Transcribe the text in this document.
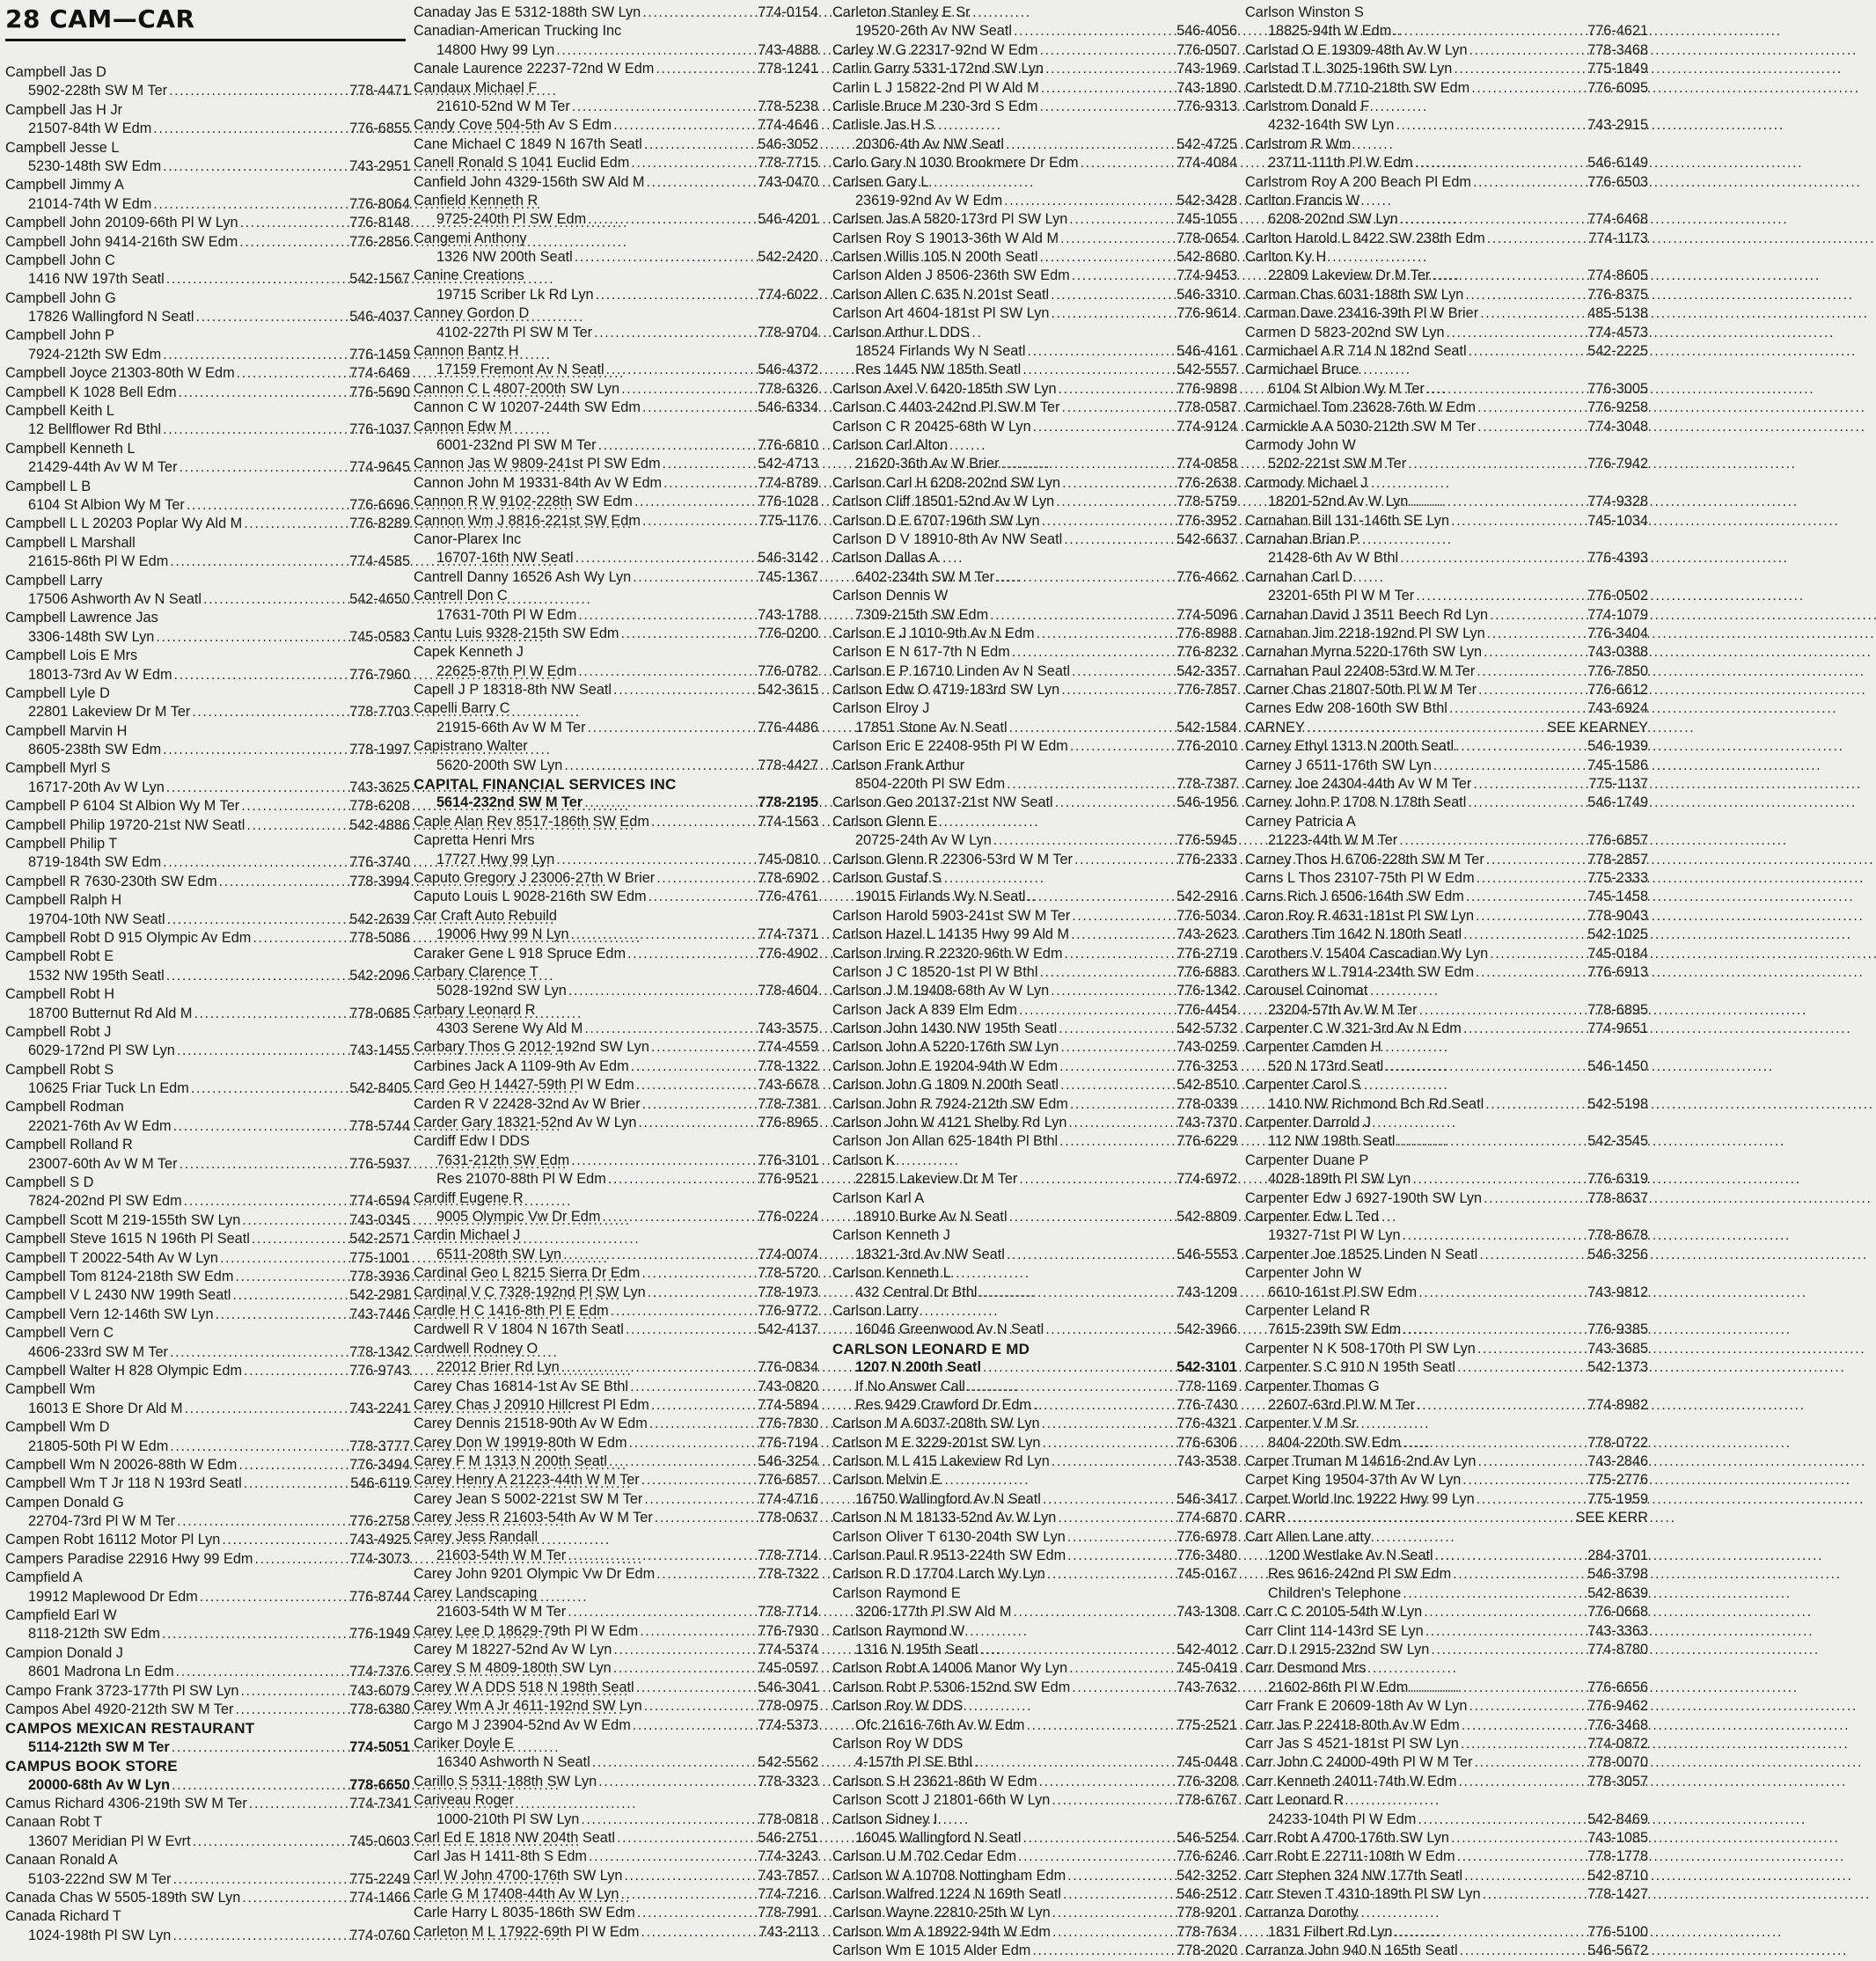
28 CAM—CAR
Campbell Jas D
5902-228th SW M Ter . . .	778-4471
Campbell Jas H Jr
21507-84th W Edm . . .	776-6855
Campbell Jesse L
5230-148th SW Edm . . .	743-2951
Campbell Jimmy A
21014-74th W Edm . . .	776-8064
Campbell John 20109-66th Pl W Lyn . . .	776-8148
Campbell John 9414-216th SW Edm . . .	776-2856
Campbell John C
1416 NW 197th Seatl . . .	542-1567
Campbell John G
17826 Wallingford N Seatl . . .	546-4037
Campbell John P
7924-212th SW Edm . . .	776-1459
Campbell Joyce 21303-80th W Edm . . .	774-6469
Campbell K 1028 Bell Edm . . .	776-5690
Campbell Keith L
12 Bellflower Rd Bthl . . .	776-1037
Campbell Kenneth L
21429-44th Av W M Ter . . .	774-9645
Campbell L B
6104 St Albion Wy M Ter . . .	776-6696
Campbell L L 20203 Poplar Wy Ald M . . .	776-8289
Campbell L Marshall
21615-86th Pl W Edm . . .	774-4585
Campbell Larry
17506 Ashworth Av N Seatl . . .	542-4650
Campbell Lawrence Jas
3306-148th SW Lyn . . .	745-0583
Campbell Lois E Mrs
18013-73rd Av W Edm . . .	776-7960
Campbell Lyle D
22801 Lakeview Dr M Ter . . .	778-7703
Campbell Marvin H
8605-238th SW Edm . . .	778-1997
Campbell Myrl S
16717-20th Av W Lyn . . .	743-3625
Campbell P 6104 St Albion Wy M Ter . . .	778-6208
Campbell Philip 19720-21st NW Seatl . . .	542-4886
Campbell Philip T
8719-184th SW Edm . . .	776-3740
Campbell R 7630-230th SW Edm . . .	778-3994
Campbell Ralph H
19704-10th NW Seatl . . .	542-2639
Campbell Robt D 915 Olympic Av Edm . . .	778-5086
Campbell Robt E
1532 NW 195th Seatl . . .	542-2096
Campbell Robt H
18700 Butternut Rd Ald M . . .	778-0685
Campbell Robt J
6029-172nd Pl SW Lyn . . .	743-1455
Campbell Robt S
10625 Friar Tuck Ln Edm . . .	542-8405
Campbell Rodman
22021-76th Av W Edm . . .	778-5744
Campbell Rolland R
23007-60th Av W M Ter . . .	776-5937
Campbell S D
7824-202nd Pl SW Edm . . .	774-6594
Campbell Scott M 219-155th SW Lyn . . .	743-0345
Campbell Steve 1615 N 196th Pl Seatl . . .	542-2571
Campbell T 20022-54th Av W Lyn . . .	775-1001
Campbell Tom 8124-218th SW Edm . . .	778-3936
Campbell V L 2430 NW 199th Seatl . . .	542-2981
Campbell Vern 12-146th SW Lyn . . .	743-7446
Campbell Vern C
4606-233rd SW M Ter . . .	778-1342
Campbell Walter H 828 Olympic Edm . . .	776-9743
Campbell Wm
16013 E Shore Dr Ald M . . .	743-2241
Campbell Wm D
21805-50th Pl W Edm . . .	778-3777
Campbell Wm N 20026-88th W Edm . . .	776-3494
Campbell Wm T Jr 118 N 193rd Seatl . . .	546-6119
Campen Donald G
22704-73rd Pl W M Ter . . .	776-2758
Campen Robt 16112 Motor Pl Lyn . . .	743-4925
Campers Paradise 22916 Hwy 99 Edm . . .	774-3073
Campfield A
19912 Maplewood Dr Edm . . .	776-8744
Campfield Earl W
8118-212th SW Edm . . .	776-1949
Campion Donald J
8601 Madrona Ln Edm . . .	774-7376
Campo Frank 3723-177th Pl SW Lyn . . .	743-6079
Campos Abel 4920-212th SW M Ter . . .	778-6380
CAMPOS MEXICAN RESTAURANT
5114-212th SW M Ter . . .	774-5051
CAMPUS BOOK STORE
20000-68th Av W Lyn . . .	778-6650
Camus Richard 4306-219th SW M Ter . . .	774-7341
Canaan Robt T
13607 Meridian Pl W Evrt . . .	745-0603
Canaan Ronald A
5103-222nd SW M Ter . . .	775-2249
Canada Chas W 5505-189th SW Lyn . . .	774-1466
Canada Richard T
1024-198th Pl SW Lyn . . .	774-0760
Canaday Jas E 5312-188th SW Lyn . . .	774-0154
Canadian-American Trucking Inc
14800 Hwy 99 Lyn . . .	743-4888
Canale Laurence 22237-72nd W Edm . . .	778-1241
Candaux Michael F
21610-52nd W M Ter . . .	778-5238
Candy Cove 504-5th Av S Edm . . .	774-4646
Cane Michael C 1849 N 167th Seatl . . .	546-3052
Canell Ronald S 1041 Euclid Edm . . .	778-7715
Canfield John 4329-156th SW Ald M . . .	743-0470
Canfield Kenneth R
9725-240th Pl SW Edm . . .	546-4201
Cangemi Anthony
1326 NW 200th Seatl . . .	542-2420
Canine Creations
19715 Scriber Lk Rd Lyn . . .	774-6022
Canney Gordon D
4102-227th Pl SW M Ter . . .	778-9704
Cannon Bantz H
17159 Fremont Av N Seatl . . .	546-4372
Cannon C L 4807-200th SW Lyn . . .	778-6326
Cannon C W 10207-244th SW Edm . . .	546-6334
Cannon Edw M
6001-232nd Pl SW M Ter . . .	776-6810
Cannon Jas W 9809-241st Pl SW Edm . . .	542-4713
Cannon John M 19331-84th Av W Edm . . .	774-8789
Cannon R W 9102-228th SW Edm . . .	776-1028
Cannon Wm J 8816-221st SW Edm . . .	775-1176
Canor-Plarex Inc
16707-16th NW Seatl . . .	546-3142
Cantrell Danny 16526 Ash Wy Lyn . . .	745-1367
Cantrell Don C
17631-70th Pl W Edm . . .	743-1788
Cantu Luis 9328-215th SW Edm . . .	776-0200
Capek Kenneth J
22625-87th Pl W Edm . . .	776-0782
Capell J P 18318-8th NW Seatl . . .	542-3615
Capelli Barry C
21915-66th Av W M Ter . . .	776-4486
Capistrano Walter
5620-200th SW Lyn . . .	778-4427
CAPITAL FINANCIAL SERVICES INC
5614-232nd SW M Ter . . .	778-2195
Caple Alan Rev 8517-186th SW Edm . . .	774-1563
Capretta Henri Mrs
17727 Hwy 99 Lyn . . .	745-0810
Caputo Gregory J 23006-27th W Brier . . .	778-6902
Caputo Louis L 9028-216th SW Edm . . .	776-4761
Car Craft Auto Rebuild
19006 Hwy 99 N Lyn . . .	774-7371
Caraker Gene L 918 Spruce Edm . . .	776-4902
Carbary Clarence T
5028-192nd SW Lyn . . .	778-4604
Carbary Leonard R
4303 Serene Wy Ald M . . .	743-3575
Carbary Thos G 2012-192nd SW Lyn . . .	774-4559
Carbines Jack A 1109-9th Av Edm . . .	778-1322
Card Geo H 14427-59th Pl W Edm . . .	743-6678
Carden R V 22428-32nd Av W Brier . . .	778-7381
Carder Gary 18321-52nd Av W Lyn . . .	776-8965
Cardiff Edw I DDS
7631-212th SW Edm . . .	776-3101
Res 21070-88th Pl W Edm . . .	776-9521
Cardiff Eugene R
9005 Olympic Vw Dr Edm . . .	776-0224
Cardin Michael J
6511-208th SW Lyn . . .	774-0074
Cardinal Geo L 8215 Sierra Dr Edm . . .	778-5720
Cardinal V C 7328-192nd Pl SW Lyn . . .	778-1973
Cardle H C 1416-8th Pl E Edm . . .	776-9772
Cardwell R V 1804 N 167th Seatl . . .	542-4137
Cardwell Rodney O
22012 Brier Rd Lyn . . .	776-0834
Carey Chas 16814-1st Av SE Bthl . . .	743-0820
Carey Chas J 20910 Hillcrest Pl Edm . . .	774-5894
Carey Dennis 21518-90th Av W Edm . . .	776-7830
Carey Don W 19919-80th W Edm . . .	776-7194
Carey F M 1313 N 200th Seatl . . .	546-3254
Carey Henry A 21223-44th W M Ter . . .	776-6857
Carey Jean S 5002-221st SW M Ter . . .	774-4716
Carey Jess R 21603-54th Av W M Ter . . .	778-0637
Carey Jess Randall
21603-54th W M Ter . . .	778-7714
Carey John 9201 Olympic Vw Dr Edm . . .	778-7322
Carey Landscaping
21603-54th W M Ter . . .	778-7714
Carey Lee D 18629-79th Pl W Edm . . .	776-7930
Carey M 18227-52nd Av W Lyn . . .	774-5374
Carey S M 4809-180th SW Lyn . . .	745-0597
Carey W A DDS 518 N 198th Seatl . . .	546-3041
Carey Wm A Jr 4611-192nd SW Lyn . . .	778-0975
Cargo M J 23904-52nd Av W Edm . . .	774-5373
Cariker Doyle E
16340 Ashworth N Seatl . . .	542-5562
Carillo S 5311-188th SW Lyn . . .	778-3323
Cariveau Roger
1000-210th Pl SW Lyn . . .	778-0818
Carl Ed E 1818 NW 204th Seatl . . .	546-2751
Carl Jas H 1411-8th S Edm . . .	774-3243
Carl W John 4700-176th SW Lyn . . .	743-7857
Carle G M 17408-44th Av W Lyn . . .	774-7216
Carle Harry L 8035-186th SW Edm . . .	778-7991
Carleton M L 17922-69th Pl W Edm . . .	743-2113
Carleton Stanley E Sr
19520-26th Av NW Seatl . . .	546-4056
Carley W G 22317-92nd W Edm . . .	776-0507
Carlin Garry 5331-172nd SW Lyn . . .	743-1969
Carlin L J 15822-2nd Pl W Ald M . . .	743-1890
Carlisle Bruce M 230-3rd S Edm . . .	776-9313
Carlisle Jas H S
20306-4th Av NW Seatl . . .	542-4725
Carlo Gary N 1030 Brookmere Dr Edm . . .	774-4084
Carlsen Gary L
23619-92nd Av W Edm . . .	542-3428
Carlsen Jas A 5820-173rd Pl SW Lyn . . .	745-1055
Carlsen Roy S 19013-36th W Ald M . . .	778-0654
Carlsen Willis 105 N 200th Seatl . . .	542-8680
Carlson Alden J 8506-236th SW Edm . . .	774-9453
Carlson Allen C 635 N 201st Seatl . . .	546-3310
Carlson Art 4604-181st Pl SW Lyn . . .	776-9614
Carlson Arthur L DDS
18524 Firlands Wy N Seatl . . .	546-4161
Res 1445 NW 185th Seatl . . .	542-5557
Carlson Axel V 6420-185th SW Lyn . . .	776-9898
Carlson C 4403-242nd Pl SW M Ter . . .	778-0587
Carlson C R 20425-68th W Lyn . . .	774-9124
Carlson Carl Alton
21620-36th Av W Brier . . .	774-0858
Carlson Carl H 6208-202nd SW Lyn . . .	776-2638
Carlson Cliff 18501-52nd Av W Lyn . . .	778-5759
Carlson D E 6707-196th SW Lyn . . .	776-3952
Carlson D V 18910-8th Av NW Seatl . . .	542-6637
Carlson Dallas A
6402-234th SW M Ter . . .	776-4662
Carlson Dennis W
7309-215th SW Edm . . .	774-5096
Carlson E J 1010-9th Av N Edm . . .	776-8988
Carlson E N 617-7th N Edm . . .	776-8232
Carlson E P 16710 Linden Av N Seatl . . .	542-3357
Carlson Edw O 4719-183rd SW Lyn . . .	776-7857
Carlson Elroy J
17851 Stone Av N Seatl . . .	542-1584
Carlson Eric E 22408-95th Pl W Edm . . .	776-2010
Carlson Frank Arthur
8504-220th Pl SW Edm . . .	778-7387
Carlson Geo 20137-21st NW Seatl . . .	546-1956
Carlson Glenn E
20725-24th Av W Lyn . . .	776-5945
Carlson Glenn R 22306-53rd W M Ter . . .	776-2333
Carlson Gustaf S
19015 Firlands Wy N Seatl . . .	542-2916
Carlson Harold 5903-241st SW M Ter . . .	776-5034
Carlson Hazel L 14135 Hwy 99 Ald M . . .	743-2623
Carlson Irving R 22320-96th W Edm . . .	776-2719
Carlson J C 18520-1st Pl W Bthl . . .	776-6883
Carlson J M 19408-68th Av W Lyn . . .	776-1342
Carlson Jack A 839 Elm Edm . . .	776-4454
Carlson John 1430 NW 195th Seatl . . .	542-5732
Carlson John A 5220-176th SW Lyn . . .	743-0259
Carlson John E 19204-94th W Edm . . .	776-3253
Carlson John G 1809 N 200th Seatl . . .	542-8510
Carlson John R 7924-212th SW Edm . . .	778-0339
Carlson John W 4121 Shelby Rd Lyn . . .	743-7370
Carlson Jon Allan 625-184th Pl Bthl . . .	776-6229
Carlson K
22815 Lakeview Dr M Ter . . .	774-6972
Carlson Karl A
18910 Burke Av N Seatl . . .	542-8809
Carlson Kenneth J
18321-3rd Av NW Seatl . . .	546-5553
Carlson Kenneth L
432 Central Dr Bthl . . .	743-1209
Carlson Larry
16046 Greenwood Av N Seatl . . .	542-3966
CARLSON LEONARD E MD
1207 N 200th Seatl . . .	542-3101
If No Answer Call . . .	778-1169
Res 9429 Crawford Dr Edm . . .	776-7430
Carlson M A 6037-208th SW Lyn . . .	776-4321
Carlson M E 3229-201st SW Lyn . . .	776-6306
Carlson M L 415 Lakeview Rd Lyn . . .	743-3538
Carlson Melvin E
16750 Wallingford Av N Seatl . . .	546-3417
Carlson N M 18133-52nd Av W Lyn . . .	774-6870
Carlson Oliver T 6130-204th SW Lyn . . .	776-6978
Carlson Paul R 9513-224th SW Edm . . .	776-3480
Carlson R D 17704 Larch Wy Lyn . . .	745-0167
Carlson Raymond E
3206-177th Pl SW Ald M . . .	743-1308
Carlson Raymond W
1316 N 195th Seatl . . .	542-4012
Carlson Robt A 14006 Manor Wy Lyn . . .	745-0419
Carlson Robt P 5306-152nd SW Edm . . .	743-7632
Carlson Roy W DDS
Ofc 21616-76th Av W Edm . . .	775-2521
Carlson Roy W DDS
4-157th Pl SE Bthl . . .	745-0448
Carlson S H 23621-86th W Edm . . .	776-3208
Carlson Scott J 21801-66th W Lyn . . .	778-6767
Carlson Sidney I
16045 Wallingford N Seatl . . .	546-5254
Carlson U M 702 Cedar Edm . . .	776-6246
Carlson W A 10708 Nottingham Edm . . .	542-3252
Carlson Walfred 1224 N 169th Seatl . . .	546-2512
Carlson Wayne 22810-25th W Lyn . . .	778-9201
Carlson Wm A 18922-94th W Edm . . .	778-7634
Carlson Wm E 1015 Alder Edm . . .	778-2020
Carlson Winston S
18825-94th W Edm . . .	776-4621
Carlstad O E 19309-48th Av W Lyn . . .	778-3468
Carlstad T L 3025-196th SW Lyn . . .	775-1849
Carlstedt D M 7710-218th SW Edm . . .	776-6095
Carlstrom Donald F
4232-164th SW Lyn . . .	743-2915
Carlstrom R Wm
23711-111th Pl W Edm . . .	546-6149
Carlstrom Roy A 200 Beach Pl Edm . . .	776-6503
Carlton Francis W
6208-202nd SW Lyn . . .	774-6468
Carlton Harold L 8422 SW 238th Edm . . .	774-1173
Carlton Ky H
22809 Lakeview Dr M Ter . . .	774-8605
Carman Chas 6031-188th SW Lyn . . .	776-8375
Carman Dave 23416-39th Pl W Brier . . .	485-5138
Carmen D 5823-202nd SW Lyn . . .	774-4573
Carmichael A R 714 N 182nd Seatl . . .	542-2225
Carmichael Bruce
6104 St Albion Wy M Ter . . .	776-3005
Carmichael Tom 23628-76th W Edm . . .	776-9258
Carmickle A A 5030-212th SW M Ter . . .	774-3048
Carmody John W
5202-221st SW M Ter . . .	776-7942
Carmody Michael J
18201-52nd Av W Lyn . . .	774-9328
Carnahan Bill 131-146th SE Lyn . . .	745-1034
Carnahan Brian P
21428-6th Av W Bthl . . .	776-4393
Carnahan Carl D
23201-65th Pl W M Ter . . .	776-0502
Carnahan David J 3511 Beech Rd Lyn . . .	774-1079
Carnahan Jim 2218-192nd Pl SW Lyn . . .	776-3404
Carnahan Myrna 5220-176th SW Lyn . . .	743-0388
Carnahan Paul 22408-53rd W M Ter . . .	776-7850
Carner Chas 21807-50th Pl W M Ter . . .	776-6612
Carnes Edw 208-160th SW Bthl . . .	743-6924
CARNEY . . .	SEE KEARNEY
Carney Ethyl 1313 N 200th Seatl . . .	546-1939
Carney J 6511-176th SW Lyn . . .	745-1586
Carney Joe 24304-44th Av W M Ter . . .	775-1137
Carney John P 1708 N 178th Seatl . . .	546-1749
Carney Patricia A
21223-44th W M Ter . . .	776-6857
Carney Thos H 6706-228th SW M Ter . . .	778-2857
Carns L Thos 23107-75th Pl W Edm . . .	775-2333
Carns Rich J 6506-164th SW Edm . . .	745-1458
Caron Roy R 4631-181st Pl SW Lyn . . .	778-9043
Carothers Tim 1642 N 180th Seatl . . .	542-1025
Carothers V 15404 Cascadian Wy Lyn . . .	745-0184
Carothers W L 7914-234th SW Edm . . .	776-6913
Carousel Coinomat
23204-57th Av W M Ter . . .	778-6895
Carpenter C W 321-3rd Av N Edm . . .	774-9651
Carpenter Camden H
520 N 173rd Seatl . . .	546-1450
Carpenter Carol S
1410 NW Richmond Bch Rd Seatl . . .	542-5198
Carpenter Darrold J
112 NW 198th Seatl . . .	542-3545
Carpenter Duane P
4028-189th Pl SW Lyn . . .	776-6319
Carpenter Edw J 6927-190th SW Lyn . . .	778-8637
Carpenter Edw L Ted
19327-71st Pl W Lyn . . .	778-8678
Carpenter Joe 18525 Linden N Seatl . . .	546-3256
Carpenter John W
6610-161st Pl SW Edm . . .	743-9812
Carpenter Leland R
7615-239th SW Edm . . .	776-9385
Carpenter N K 508-170th Pl SW Lyn . . .	743-3685
Carpenter S C 910 N 195th Seatl . . .	542-1373
Carpenter Thomas G
22607-63rd Pl W M Ter . . .	774-8982
Carpenter V M Sr
8404-220th SW Edm . . .	778-0722
Carper Truman M 14616-2nd Av Lyn . . .	743-2846
Carpet King 19504-37th Av W Lyn . . .	775-2776
Carpet World Inc 19222 Hwy 99 Lyn . . .	775-1959
CARR . . .	SEE KERR
Carr Allen Lane atty
1200 Westlake Av N Seatl . . .	284-3701
Res 9616-242nd Pl SW Edm . . .	546-3798
Children's Telephone . . .	542-8639
Carr C C 20105-54th W Lyn . . .	776-0668
Carr Clint 114-143rd SE Lyn . . .	743-3363
Carr D I 2915-232nd SW Lyn . . .	774-8780
Carr Desmond Mrs
21602-86th Pl W Edm . . .	776-6656
Carr Frank E 20609-18th Av W Lyn . . .	776-9462
Carr Jas P 22418-80th Av W Edm . . .	776-3468
Carr Jas S 4521-181st Pl SW Lyn . . .	774-0872
Carr John C 24000-49th Pl W M Ter . . .	778-0070
Carr Kenneth 24011-74th W Edm . . .	778-3057
Carr Leonard R
24233-104th Pl W Edm . . .	542-8469
Carr Robt A 4700-176th SW Lyn . . .	743-1085
Carr Robt E 22711-108th W Edm . . .	778-1778
Carr Stephen 324 NW 177th Seatl . . .	542-8710
Carr Steven T 4310-189th Pl SW Lyn . . .	778-1427
Carranza Dorothy
1831 Filbert Rd Lyn . . .	776-5100
Carranza John 940 N 165th Seatl . . .	546-5672
